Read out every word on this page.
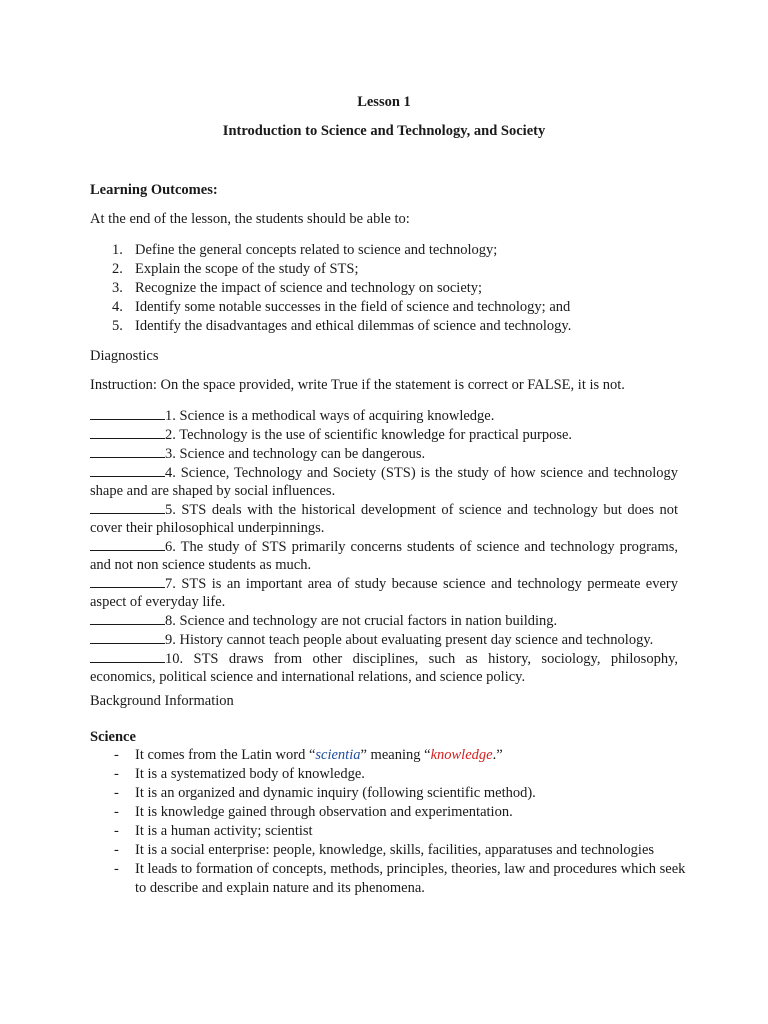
Lesson 1
Introduction to Science and Technology, and Society
Learning Outcomes:
At the end of the lesson, the students should be able to:
1. Define the general concepts related to science and technology;
2. Explain the scope of the study of STS;
3. Recognize the impact of science and technology on society;
4. Identify some notable successes in the field of science and technology; and
5. Identify the disadvantages and ethical dilemmas of science and technology.
Diagnostics
Instruction: On the space provided, write True if the statement is correct or FALSE, it is not.
1. Science is a methodical ways of acquiring knowledge.
2. Technology is the use of scientific knowledge for practical purpose.
3. Science and technology can be dangerous.
4. Science, Technology and Society (STS) is the study of how science and technology shape and are shaped by social influences.
5. STS deals with the historical development of science and technology but does not cover their philosophical underpinnings.
6. The study of STS primarily concerns students of science and technology programs, and not non science students as much.
7. STS is an important area of study because science and technology permeate every aspect of everyday life.
8. Science and technology are not crucial factors in nation building.
9. History cannot teach people about evaluating present day science and technology.
10. STS draws from other disciplines, such as history, sociology, philosophy, economics, political science and international relations, and science policy.
Background Information
Science
- It comes from the Latin word “scientia” meaning “knowledge.”
- It is a systematized body of knowledge.
- It is an organized and dynamic inquiry (following scientific method).
- It is knowledge gained through observation and experimentation.
- It is a human activity; scientist
- It is a social enterprise: people, knowledge, skills, facilities, apparatuses and technologies
- It leads to formation of concepts, methods, principles, theories, law and procedures which seek to describe and explain nature and its phenomena.
